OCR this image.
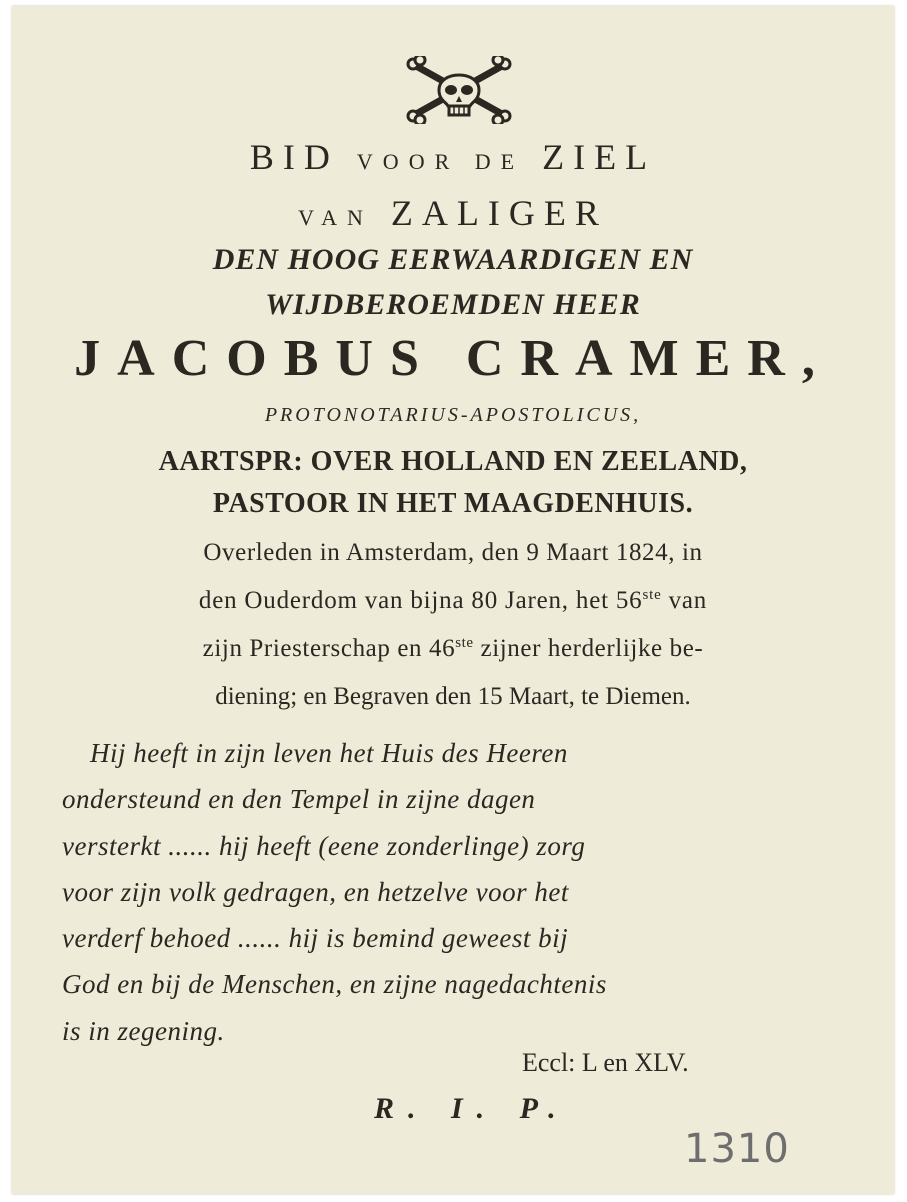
BID VOOR DE ZIEL
VAN ZALIGER
DEN HOOG EERWAARDIGEN EN
WIJDBEROEMDEN HEER
JACOBUS CRAMER,
PROTONOTARIUS-APOSTOLICUS,
AARTSPR: OVER HOLLAND EN ZEELAND,
PASTOOR IN HET MAAGDENHUIS.
Overleden in Amsterdam, den 9 Maart 1824, in
den Ouderdom van bijna 80 Jaren, het 56ste van
zijn Priesterschap en 46ste zijner herderlijke be-
diening; en Begraven den 15 Maart, te Diemen.
Hij heeft in zijn leven het Huis des Heeren
ondersteund en den Tempel in zijne dagen
versterkt ...... hij heeft (eene zonderlinge) zorg
voor zijn volk gedragen, en hetzelve voor het
verderf behoed ...... hij is bemind geweest bij
God en bij de Menschen, en zijne nagedachtenis
is in zegening.
Eccl: L en XLV.
R. I. P.
1310
